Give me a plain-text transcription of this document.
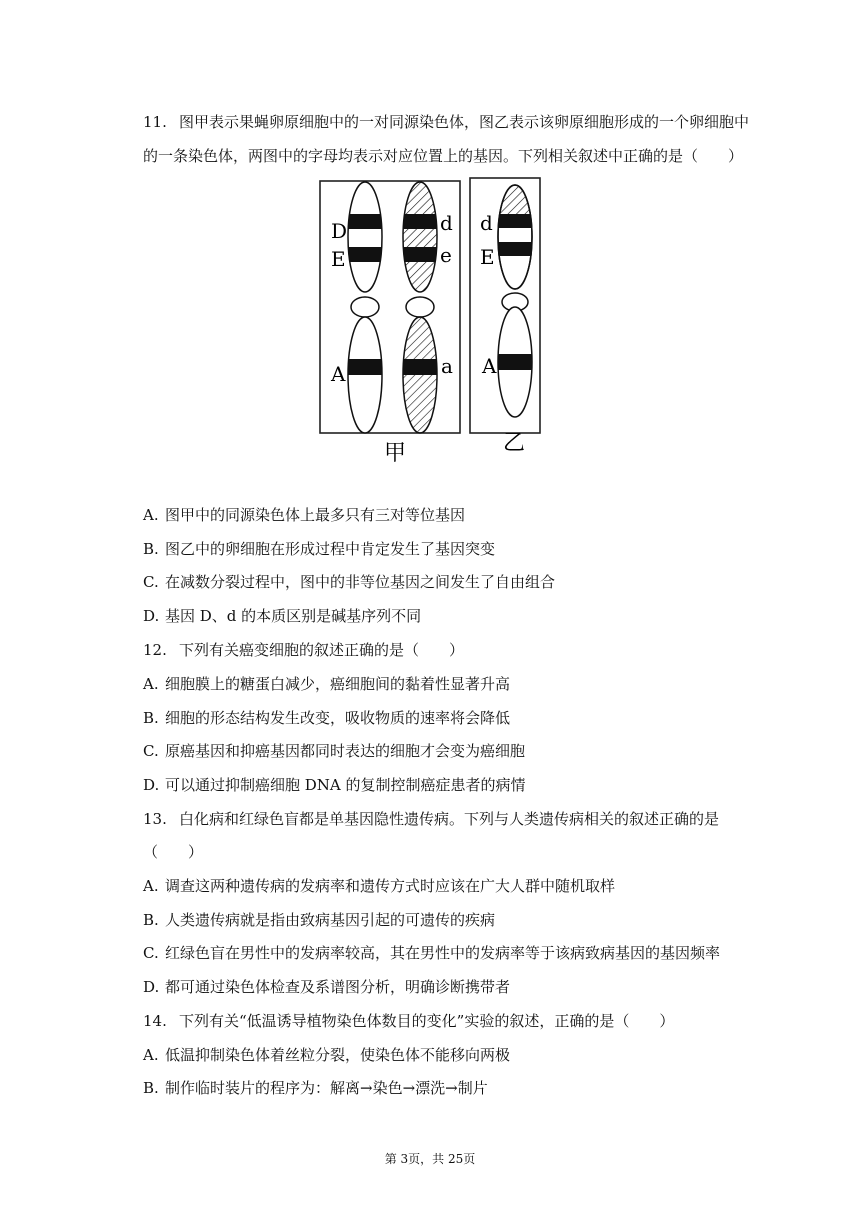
11. 图甲表示果蝇卵原细胞中的一对同源染色体，图乙表示该卵原细胞形成的一个卵细胞中
的一条染色体，两图中的字母均表示对应位置上的基因。下列相关叙述中正确的是（　　）
D
E
A
d
e
a
d
E
A
甲	乙
A. 图甲中的同源染色体上最多只有三对等位基因
B. 图乙中的卵细胞在形成过程中肯定发生了基因突变
C. 在减数分裂过程中，图中的非等位基因之间发生了自由组合
D. 基因 D、d 的本质区别是碱基序列不同
12. 下列有关癌变细胞的叙述正确的是（　　）
A. 细胞膜上的糖蛋白减少，癌细胞间的黏着性显著升高
B. 细胞的形态结构发生改变，吸收物质的速率将会降低
C. 原癌基因和抑癌基因都同时表达的细胞才会变为癌细胞
D. 可以通过抑制癌细胞 DNA 的复制控制癌症患者的病情
13. 白化病和红绿色盲都是单基因隐性遗传病。下列与人类遗传病相关的叙述正确的是
（　　）
A. 调查这两种遗传病的发病率和遗传方式时应该在广大人群中随机取样
B. 人类遗传病就是指由致病基因引起的可遗传的疾病
C. 红绿色盲在男性中的发病率较高，其在男性中的发病率等于该病致病基因的基因频率
D. 都可通过染色体检查及系谱图分析，明确诊断携带者
14. 下列有关“低温诱导植物染色体数目的变化”实验的叙述，正确的是（　　）
A. 低温抑制染色体着丝粒分裂，使染色体不能移向两极
B. 制作临时装片的程序为：解离→染色→漂洗→制片
第 3页，共 25页
